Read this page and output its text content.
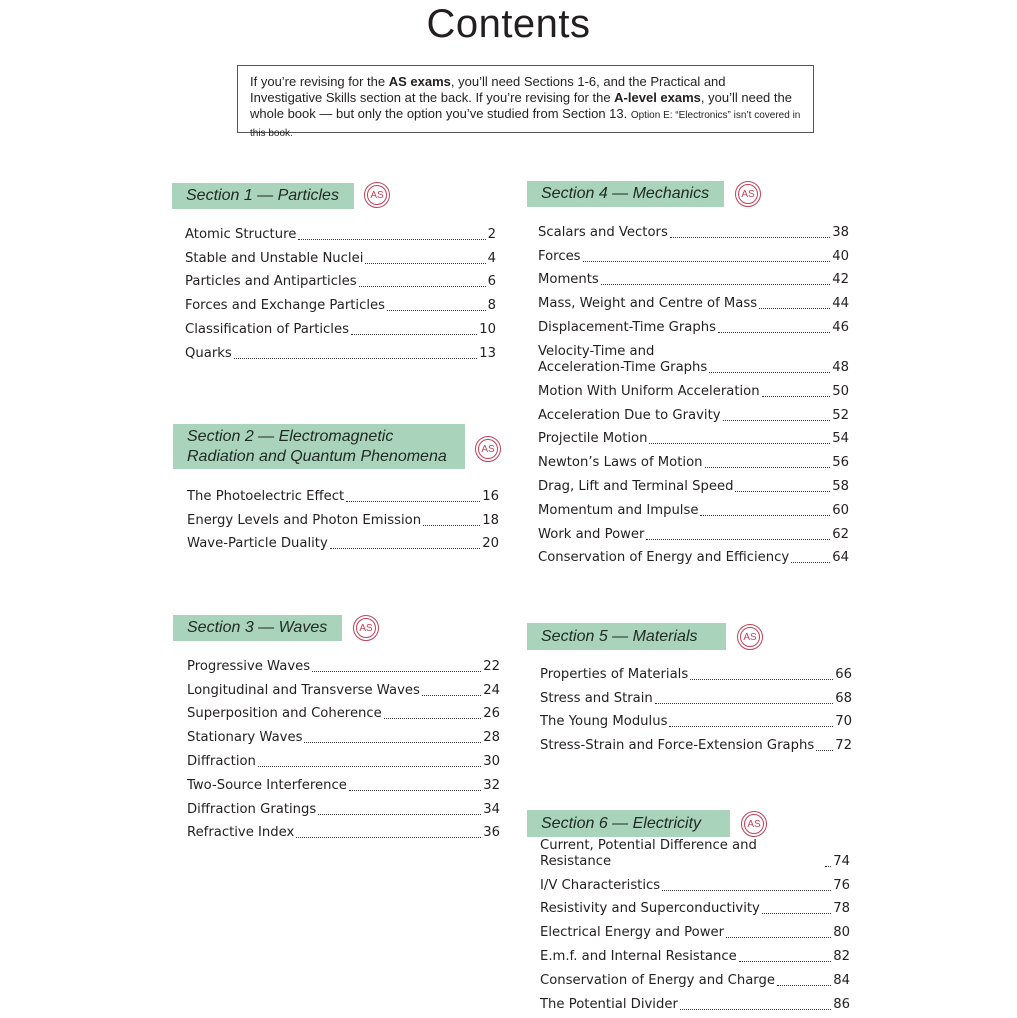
Contents
If you’re revising for the AS exams, you’ll need Sections 1-6, and the Practical and Investigative Skills section at the back. If you’re revising for the A-level exams, you’ll need the whole book — but only the option you’ve studied from Section 13. Option E: “Electronics” isn’t covered in this book.
Section 1 — Particles	AS
Atomic Structure	2
Stable and Unstable Nuclei	4
Particles and Antiparticles	6
Forces and Exchange Particles	8
Classification of Particles	10
Quarks	13
Section 2 — Electromagnetic Radiation and Quantum Phenomena	AS
The Photoelectric Effect	16
Energy Levels and Photon Emission	18
Wave-Particle Duality	20
Section 3 — Waves	AS
Progressive Waves	22
Longitudinal and Transverse Waves	24
Superposition and Coherence	26
Stationary Waves	28
Diffraction	30
Two-Source Interference	32
Diffraction Gratings	34
Refractive Index	36
Section 4 — Mechanics	AS
Scalars and Vectors	38
Forces	40
Moments	42
Mass, Weight and Centre of Mass	44
Displacement-Time Graphs	46
Velocity-Time and
Acceleration-Time Graphs	48
Motion With Uniform Acceleration	50
Acceleration Due to Gravity	52
Projectile Motion	54
Newton’s Laws of Motion	56
Drag, Lift and Terminal Speed	58
Momentum and Impulse	60
Work and Power	62
Conservation of Energy and Efficiency	64
Section 5 — Materials	AS
Properties of Materials	66
Stress and Strain	68
The Young Modulus	70
Stress-Strain and Force-Extension Graphs 72
Section 6 — Electricity	AS
Current, Potential Difference and Resistance	74
I/V Characteristics	76
Resistivity and Superconductivity	78
Electrical Energy and Power	80
E.m.f. and Internal Resistance	82
Conservation of Energy and Charge	84
The Potential Divider	86
